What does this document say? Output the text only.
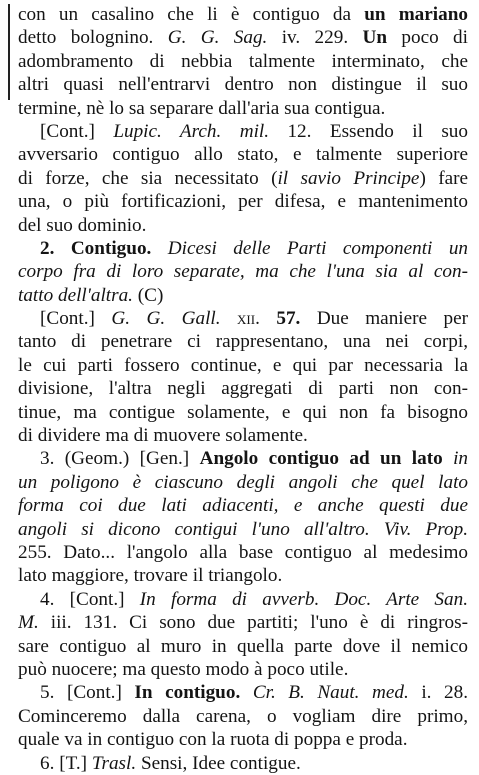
con un casalino che li è contiguo da un mariano
detto bolognino. G. G. Sag. iv. 229. Un poco di
adombramento di nebbia talmente interminato, che
altri quasi nell'entrarvi dentro non distingue il suo
termine, nè lo sa separare dall'aria sua contigua.
[Cont.] Lupic. Arch. mil. 12. Essendo il suo
avversario contiguo allo stato, e talmente superiore
di forze, che sia necessitato (il savio Principe) fare
una, o più fortificazioni, per difesa, e mantenimento
del suo dominio.
2. Contiguo. Dicesi delle Parti componenti un
corpo fra di loro separate, ma che l'una sia al con-
tatto dell'altra. (C)
[Cont.] G. G. Gall. xii. 57. Due maniere per
tanto di penetrare ci rappresentano, una nei corpi,
le cui parti fossero continue, e qui par necessaria la
divisione, l'altra negli aggregati di parti non con-
tinue, ma contigue solamente, e qui non fa bisogno
di dividere ma di muovere solamente.
3. (Geom.) [Gen.] Angolo contiguo ad un lato in
un poligono è ciascuno degli angoli che quel lato
forma coi due lati adiacenti, e anche questi due
angoli si dicono contigui l'uno all'altro. Viv. Prop.
255. Dato... l'angolo alla base contiguo al medesimo
lato maggiore, trovare il triangolo.
4. [Cont.] In forma di avverb. Doc. Arte San.
M. iii. 131. Ci sono due partiti; l'uno è di ringros-
sare contiguo al muro in quella parte dove il nemico
può nuocere; ma questo modo à poco utile.
5. [Cont.] In contiguo. Cr. B. Naut. med. i. 28.
Cominceremo dalla carena, o vogliam dire primo,
quale va in contiguo con la ruota di poppa e proda.
6. [T.] Trasl. Sensi, Idee contigue.
